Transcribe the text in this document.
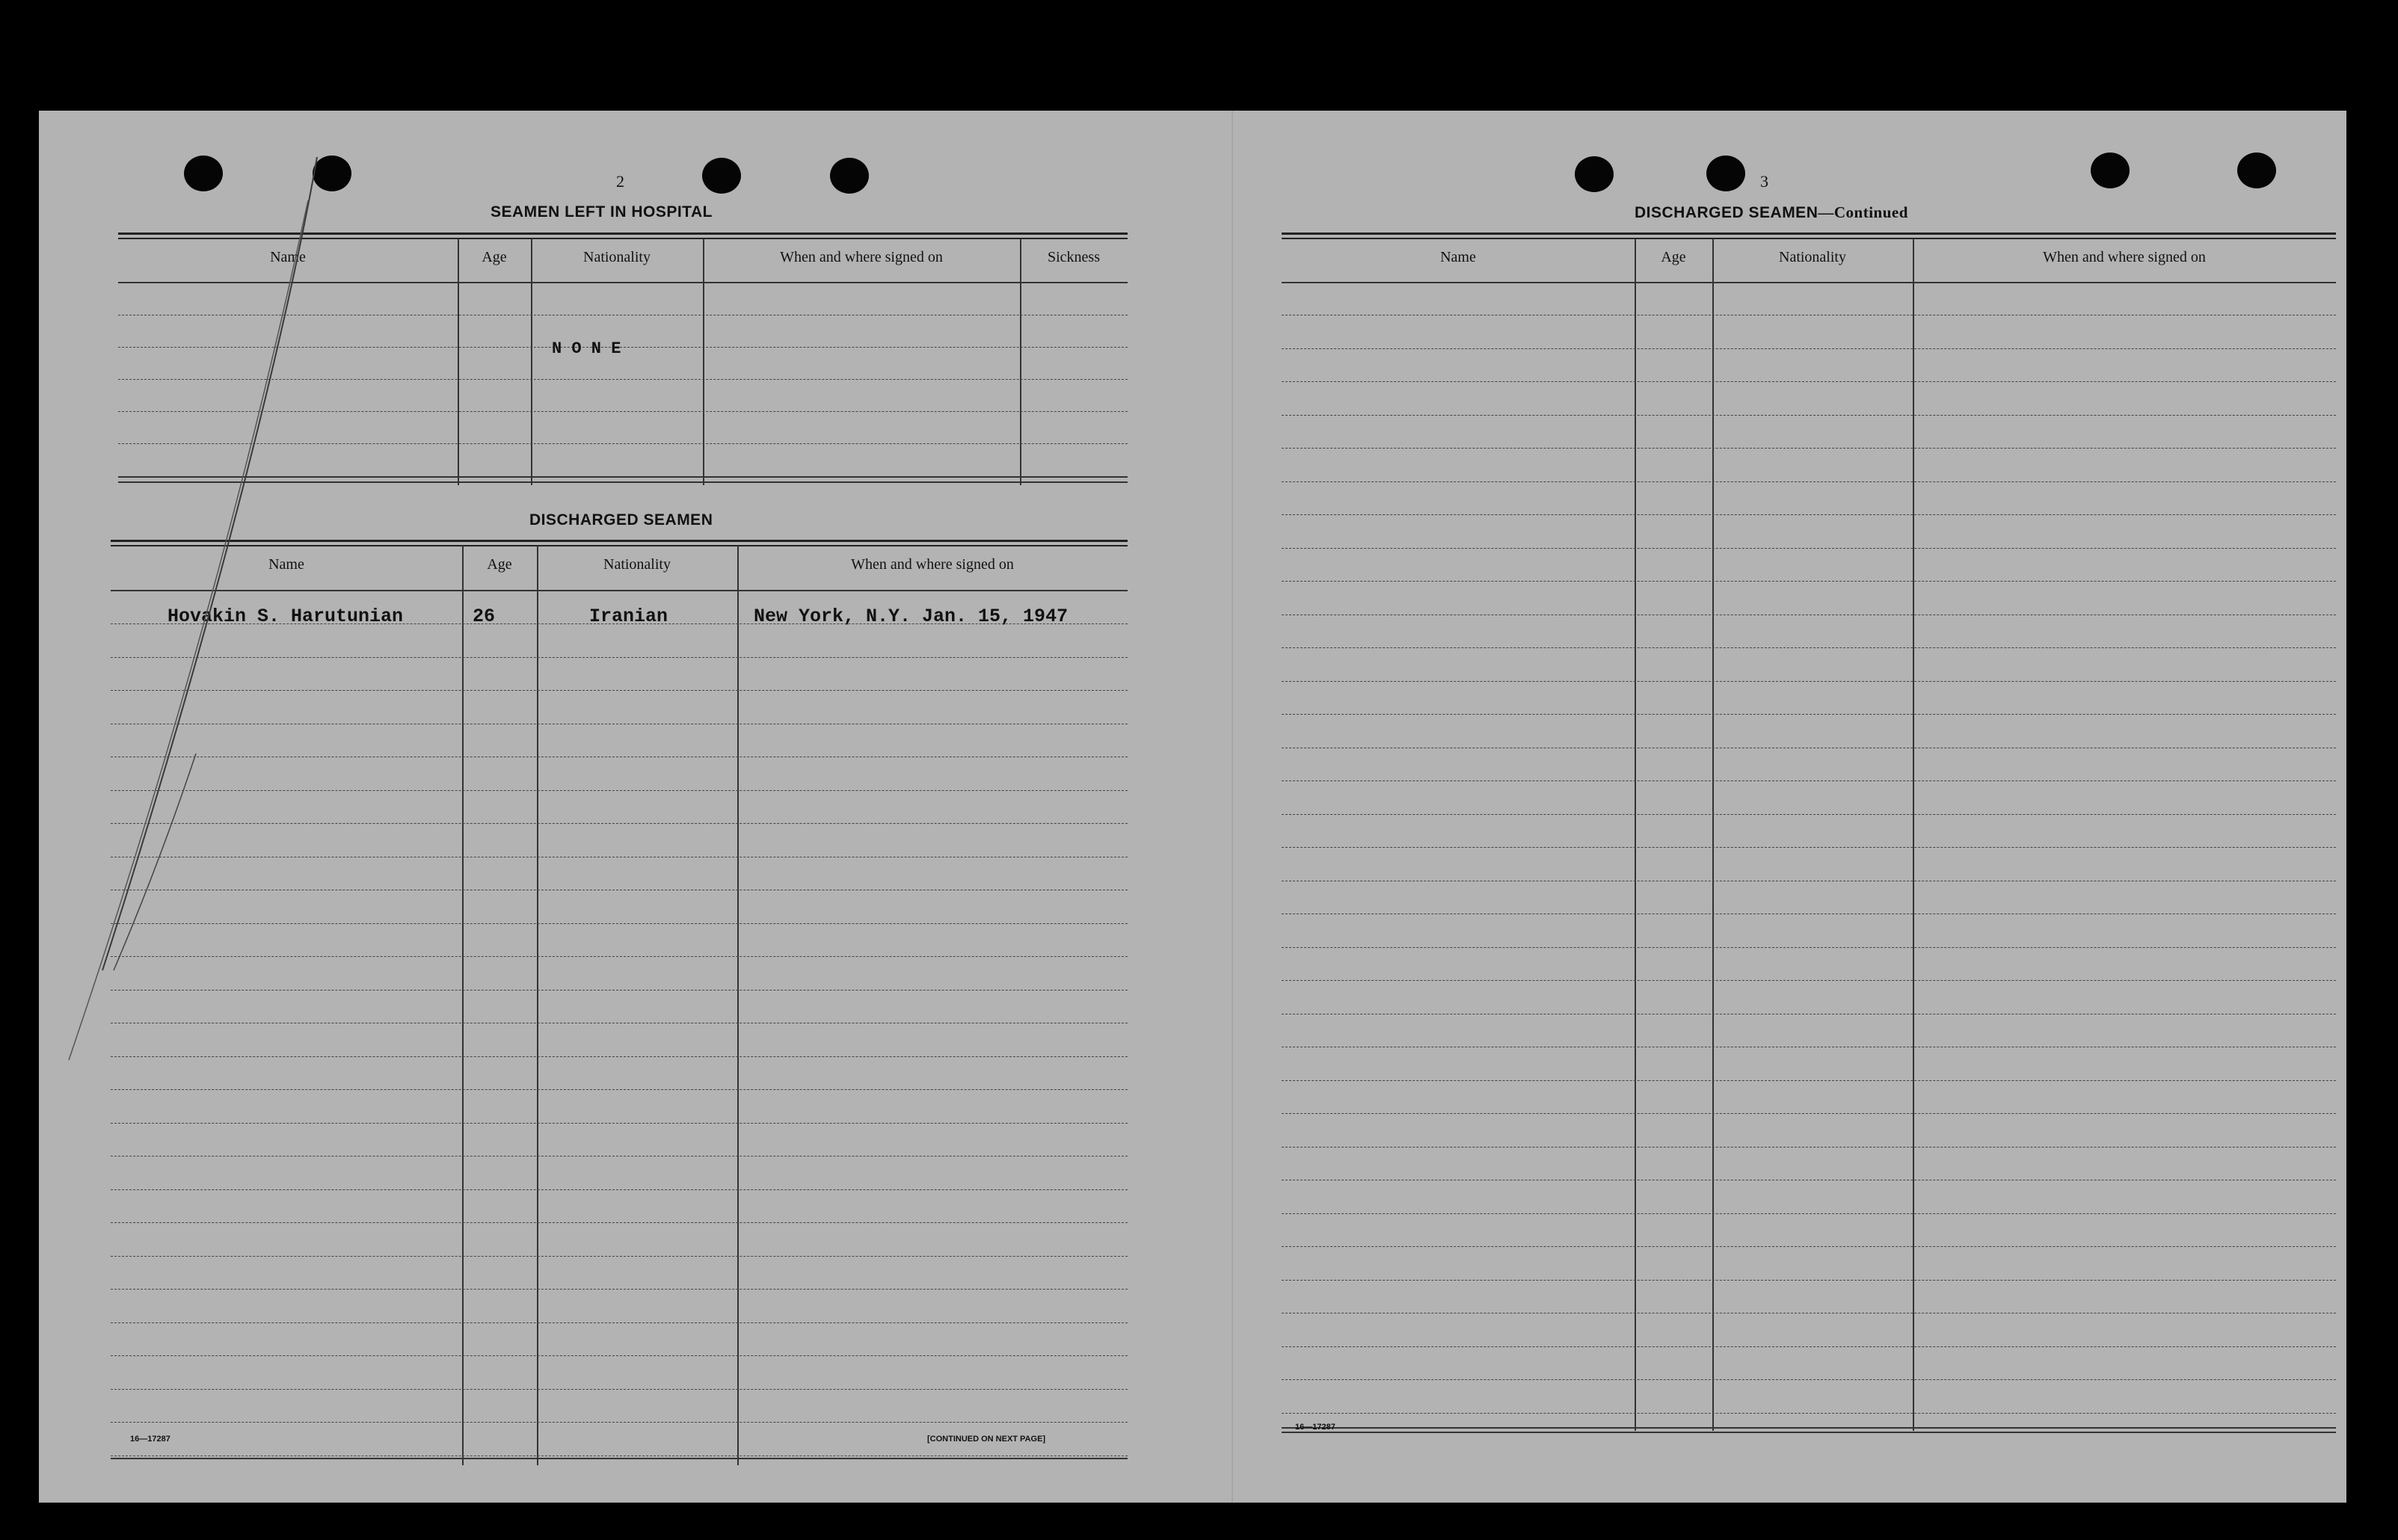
2
SEAMEN LEFT IN HOSPITAL
Name	Age	Nationality	When and where signed on	Sickness
N O N E
DISCHARGED SEAMEN
Name	Age	Nationality	When and where signed on
Hovakin S. Harutunian	26	Iranian	New York, N.Y. Jan. 15, 1947
16—17287	[CONTINUED ON NEXT PAGE]
3
DISCHARGED SEAMEN—Continued
Name	Age	Nationality	When and where signed on
16—17287
